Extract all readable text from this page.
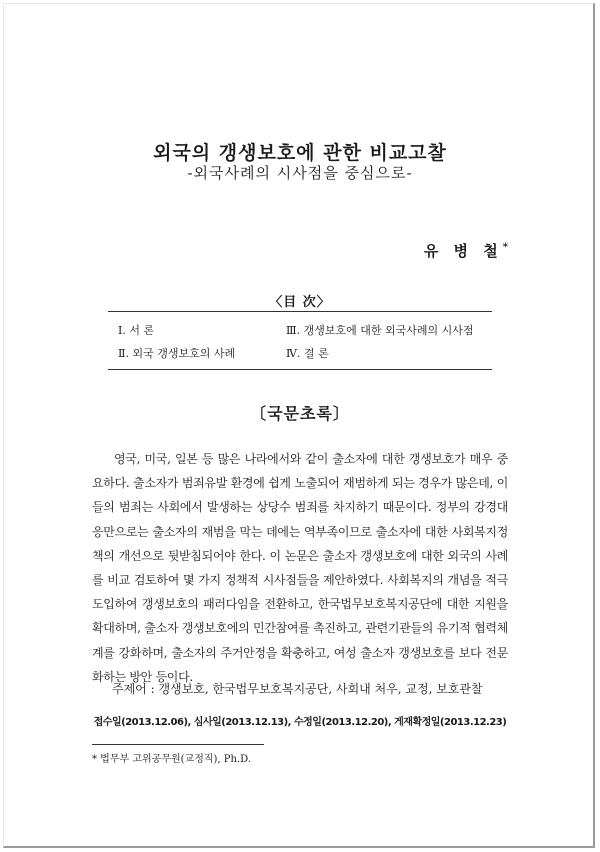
외국의 갱생보호에 관한 비교고찰
-외국사례의 시사점을 중심으로-
유 병 철*
〈目 次〉
Ⅰ. 서 론
Ⅱ. 외국 갱생보호의 사례
Ⅲ. 갱생보호에 대한 외국사례의 시사점
Ⅳ. 결 론
〔국문초록〕

영국, 미국, 일본 등 많은 나라에서와 같이 출소자에 대한 갱생보호가 매우 중요하다. 출소자가 범죄유발 환경에 쉽게 노출되어 재범하게 되는 경우가 많은데, 이들의 범죄는 사회에서 발생하는 상당수 범죄를 차지하기 때문이다. 정부의 강경대응만으로는 출소자의 재범을 막는 데에는 역부족이므로 출소자에 대한 사회복지정책의 개선으로 뒷받침되어야 한다. 이 논문은 출소자 갱생보호에 대한 외국의 사례를 비교 검토하여 몇 가지 정책적 시사점들을 제안하였다. 사회복지의 개념을 적극 도입하여 갱생보호의 패러다임을 전환하고, 한국법무보호복지공단에 대한 지원을 확대하며, 출소자 갱생보호에의 민간참여를 촉진하고, 관련기관들의 유기적 협력체계를 강화하며, 출소자의 주거안정을 확충하고, 여성 출소자 갱생보호를 보다 전문화하는 방안 등이다.

주제어 : 갱생보호, 한국법무보호복지공단, 사회내 처우, 교정, 보호관찰
접수일(2013.12.06), 심사일(2013.12.13), 수정일(2013.12.20), 게재확정일(2013.12.23)
* 법무부 고위공무원(교정직), Ph.D.
